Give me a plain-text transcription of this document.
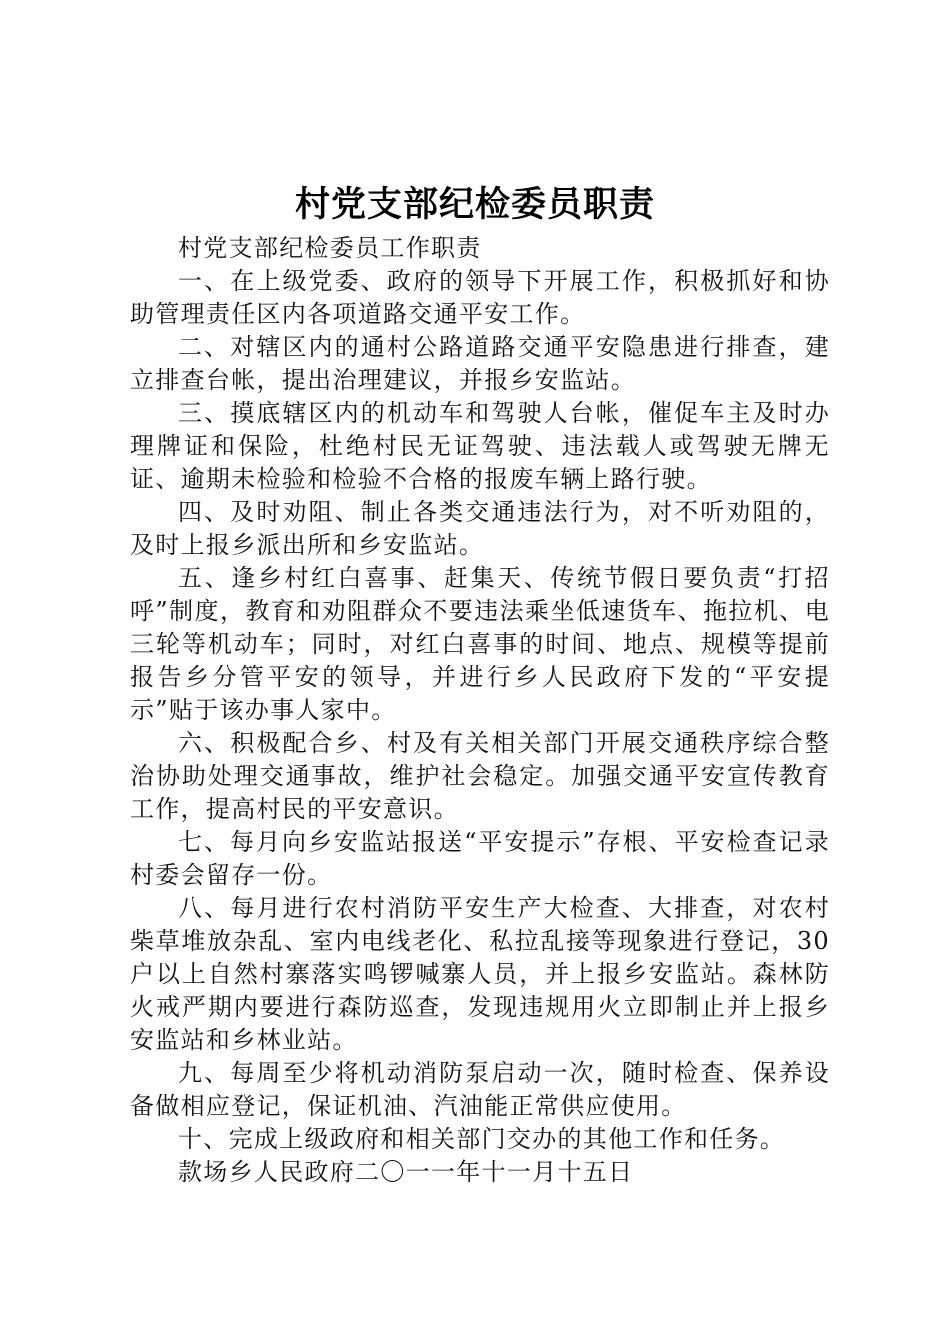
村党支部纪检委员职责

村党支部纪检委员工作职责

一、在上级党委、政府的领导下开展工作，积极抓好和协助管理责任区内各项道路交通平安工作。

二、对辖区内的通村公路道路交通平安隐患进行排查，建立排查台帐，提出治理建议，并报乡安监站。

三、摸底辖区内的机动车和驾驶人台帐，催促车主及时办理牌证和保险，杜绝村民无证驾驶、违法载人或驾驶无牌无证、逾期未检验和检验不合格的报废车辆上路行驶。

四、及时劝阻、制止各类交通违法行为，对不听劝阻的，及时上报乡派出所和乡安监站。

五、逢乡村红白喜事、赶集天、传统节假日要负责“打招呼”制度，教育和劝阻群众不要违法乘坐低速货车、拖拉机、电三轮等机动车；同时，对红白喜事的时间、地点、规模等提前报告乡分管平安的领导，并进行乡人民政府下发的“平安提示”贴于该办事人家中。

六、积极配合乡、村及有关相关部门开展交通秩序综合整治协助处理交通事故，维护社会稳定。加强交通平安宣传教育工作，提高村民的平安意识。

七、每月向乡安监站报送“平安提示”存根、平安检查记录村委会留存一份。

八、每月进行农村消防平安生产大检查、大排查，对农村柴草堆放杂乱、室内电线老化、私拉乱接等现象进行登记，30户以上自然村寨落实鸣锣喊寨人员，并上报乡安监站。森林防火戒严期内要进行森防巡查，发现违规用火立即制止并上报乡安监站和乡林业站。

九、每周至少将机动消防泵启动一次，随时检查、保养设备做相应登记，保证机油、汽油能正常供应使用。

十、完成上级政府和相关部门交办的其他工作和任务。

款场乡人民政府二〇一一年十一月十五日
